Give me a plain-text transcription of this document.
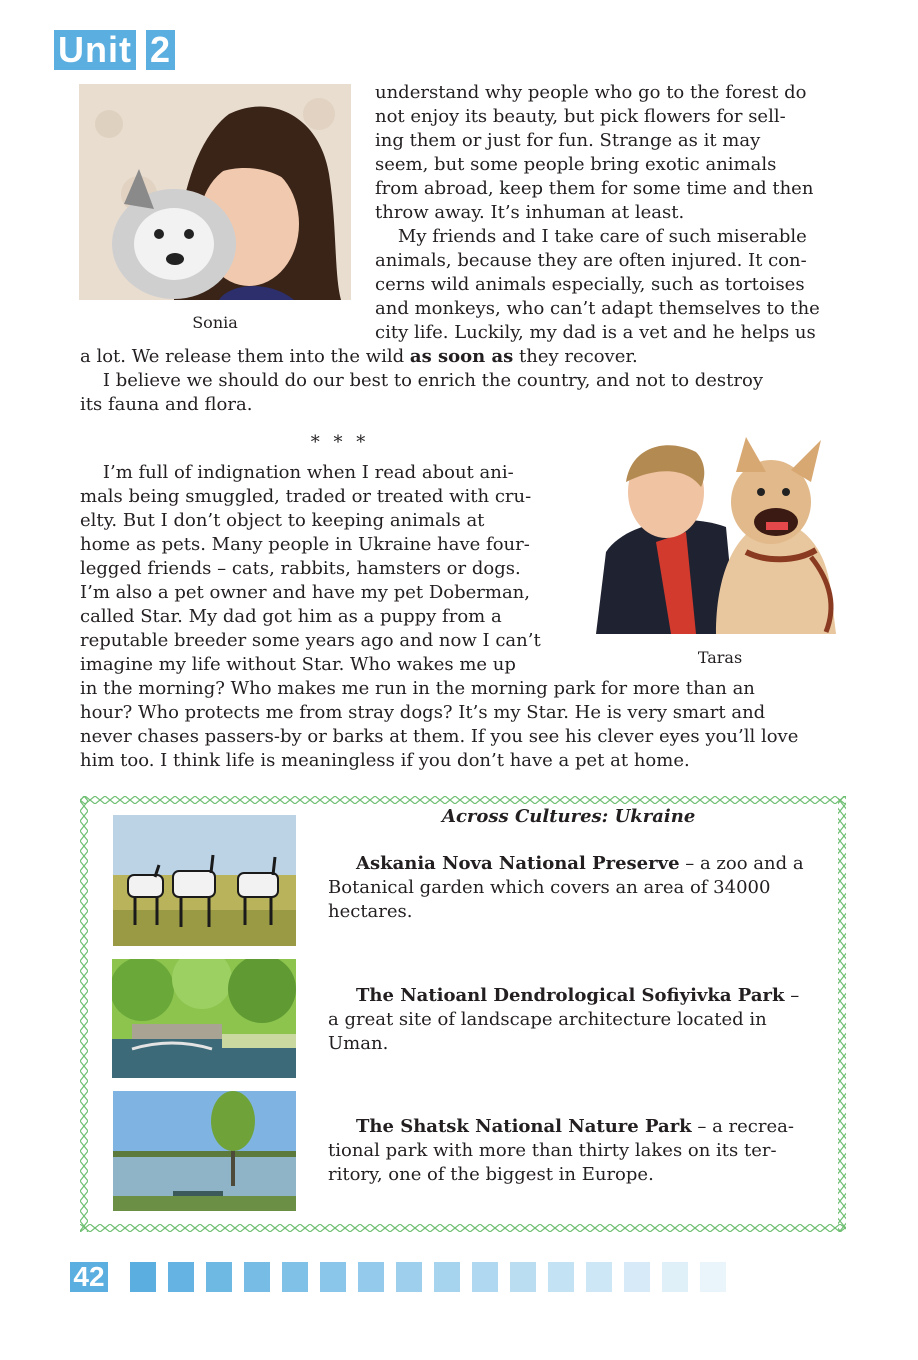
Unit 2
Sonia
understand why people who go to the forest do
not enjoy its beauty, but pick flowers for sell-
ing them or just for fun. Strange as it may
seem, but some people bring exotic animals
from abroad, keep them for some time and then
throw away. It’s inhuman at least.
My friends and I take care of such miserable
animals, because they are often injured. It con-
cerns wild animals especially, such as tortoises
and monkeys, who can’t adapt themselves to the
city life. Luckily, my dad is a vet and he helps us
a lot. We release them into the wild as soon as they recover.
I believe we should do our best to enrich the country, and not to destroy
its fauna and flora.
* * *
Taras
I’m full of indignation when I read about ani-
mals being smuggled, traded or treated with cru-
elty. But I don’t object to keeping animals at
home as pets. Many people in Ukraine have four-
legged friends – cats, rabbits, hamsters or dogs.
I’m also a pet owner and have my pet Doberman,
called Star. My dad got him as a puppy from a
reputable breeder some years ago and now I can’t
imagine my life without Star. Who wakes me up
in the morning? Who makes me run in the morning park for more than an
hour? Who protects me from stray dogs? It’s my Star. He is very smart and
never chases passers-by or barks at them. If you see his clever eyes you’ll love
him too. I think life is meaningless if you don’t have a pet at home.
Across Cultures: Ukraine
Askania Nova National Preserve – a zoo and a
Botanical garden which covers an area of 34000
hectares.
The Natioanl Dendrological Sofiyivka Park –
a great site of landscape architecture located in
Uman.
The Shatsk National Nature Park – a recrea-
tional park with more than thirty lakes on its ter-
ritory, one of the biggest in Europe.
42
